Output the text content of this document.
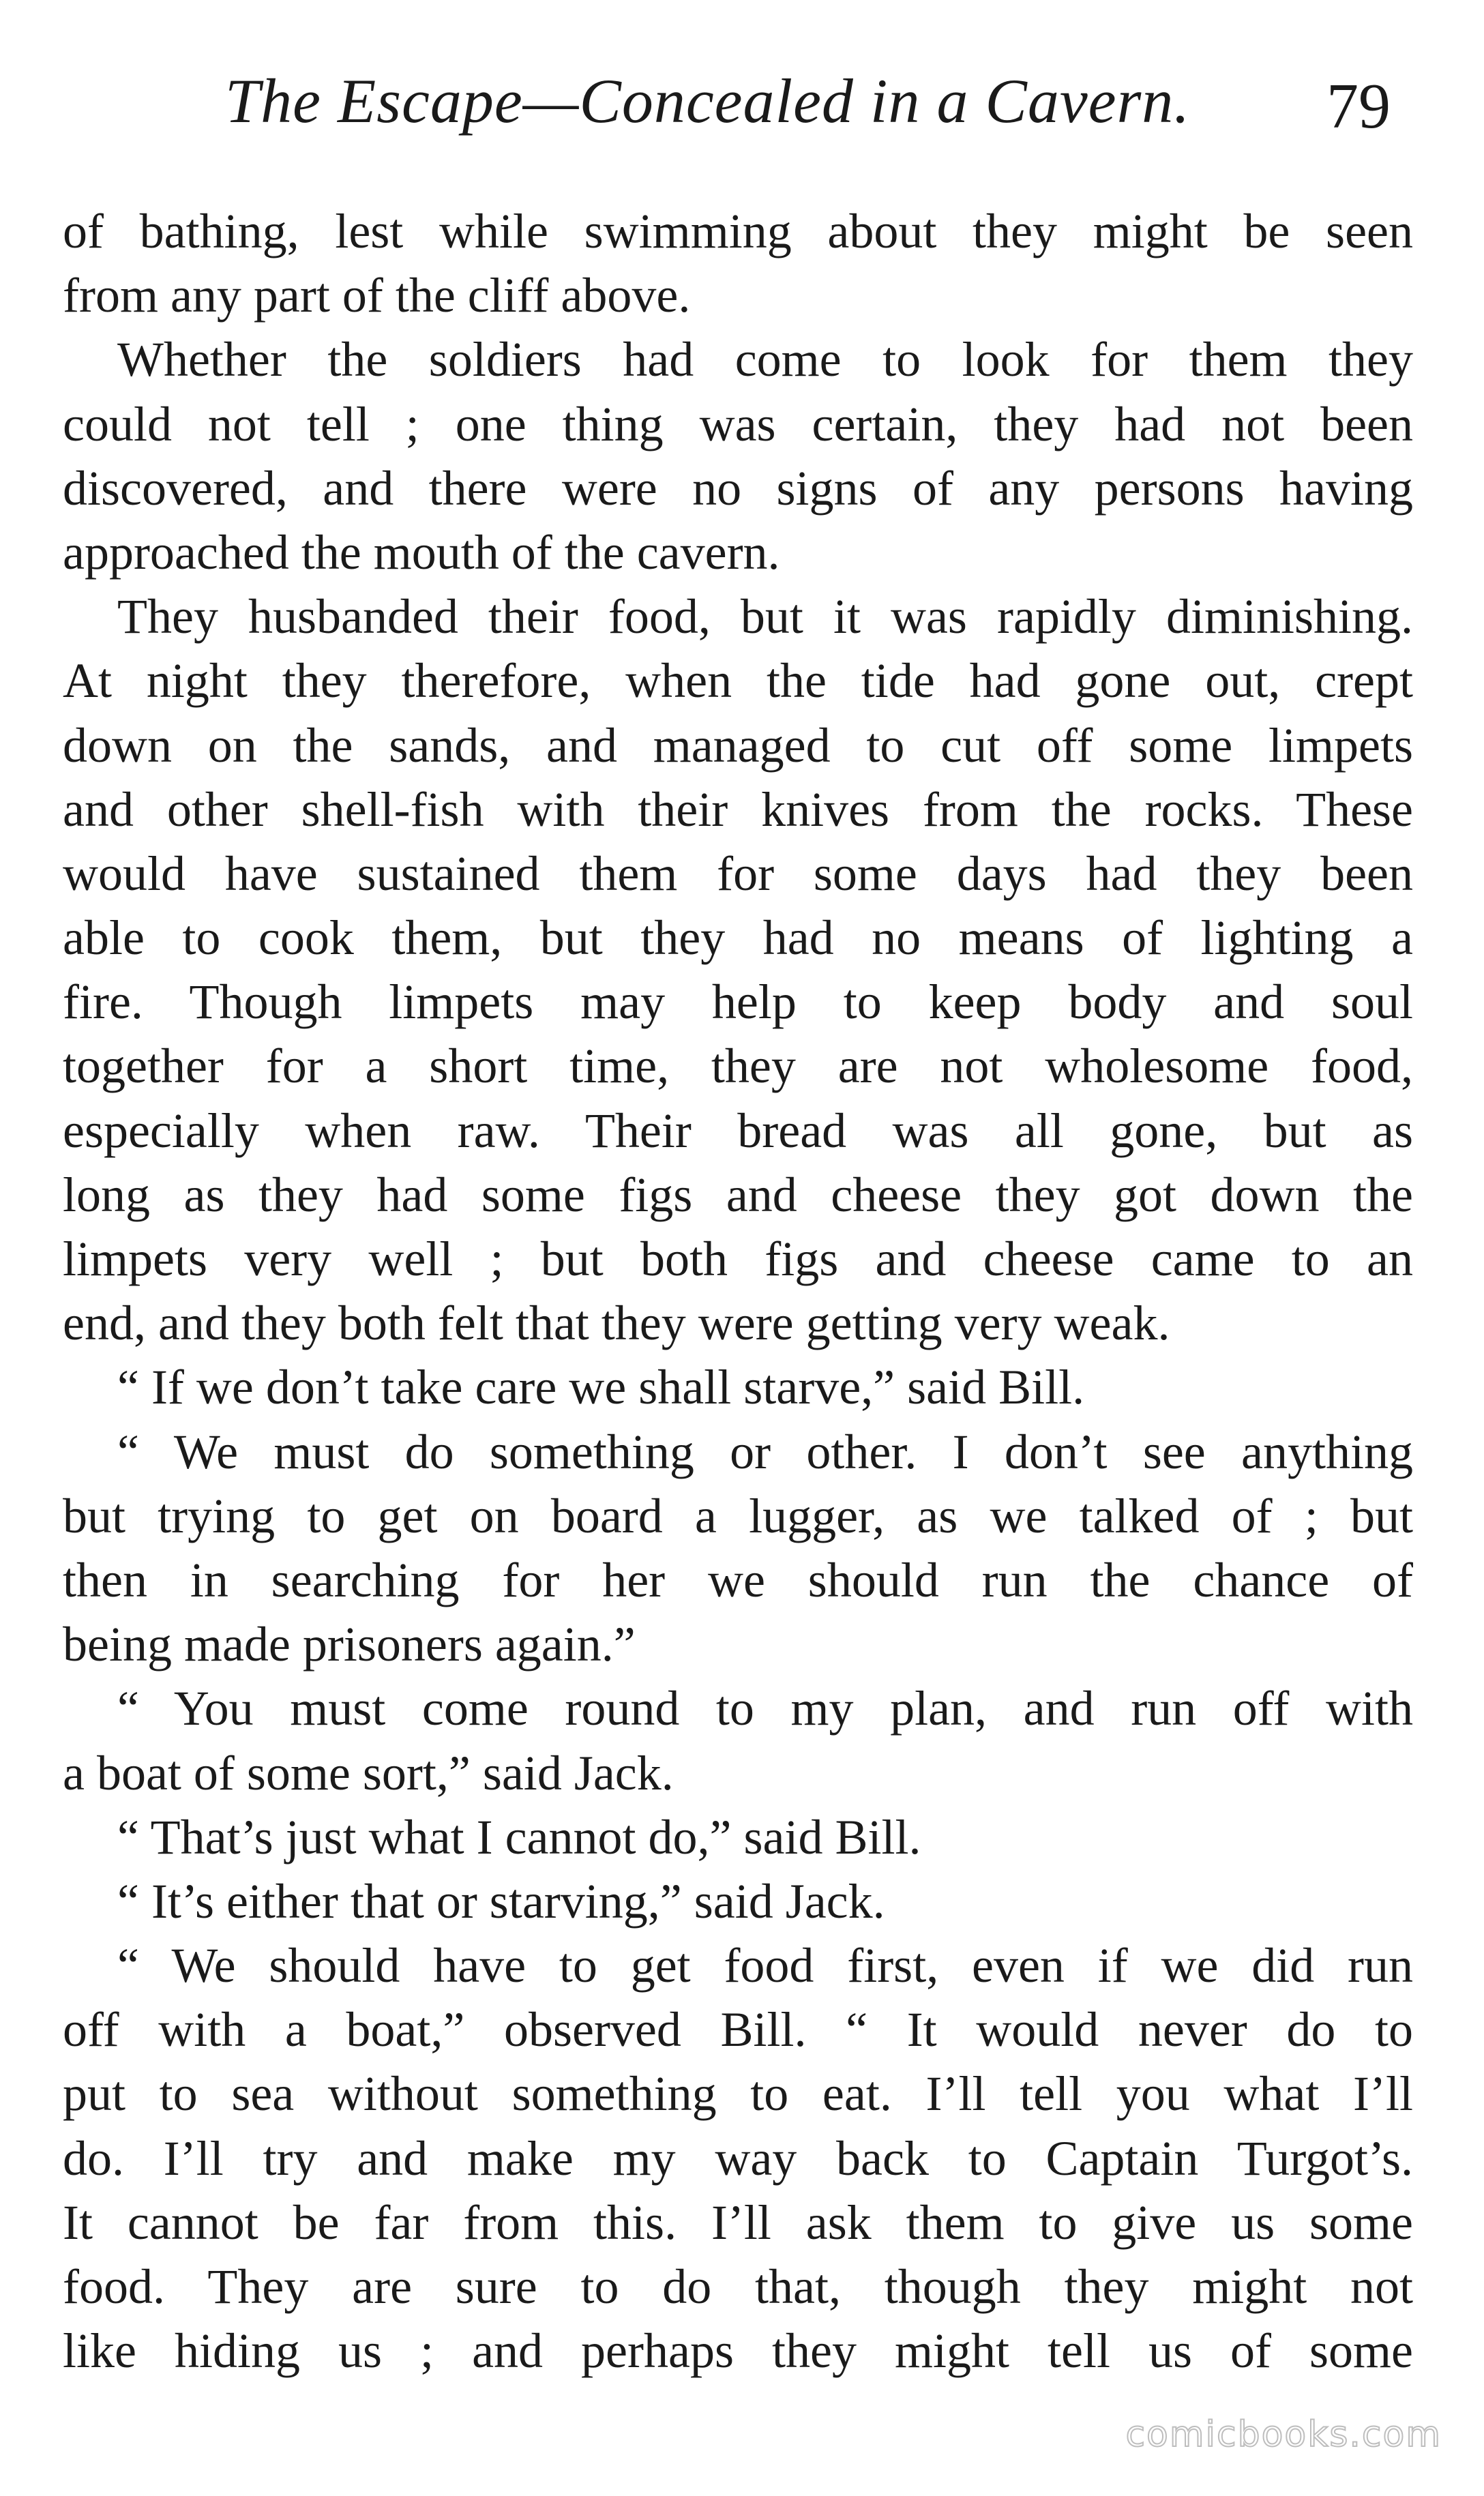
The Escape—Concealed in a Cavern. 79
of bathing, lest while swimming about they might be seen
from any part of the cliff above.
Whether the soldiers had come to look for them they
could not tell ; one thing was certain, they had not been
discovered, and there were no signs of any persons having
approached the mouth of the cavern.
They husbanded their food, but it was rapidly diminishing.
At night they therefore, when the tide had gone out, crept
down on the sands, and managed to cut off some limpets
and other shell-fish with their knives from the rocks. These
would have sustained them for some days had they been
able to cook them, but they had no means of lighting a
fire. Though limpets may help to keep body and soul
together for a short time, they are not wholesome food,
especially when raw. Their bread was all gone, but as
long as they had some figs and cheese they got down the
limpets very well ; but both figs and cheese came to an
end, and they both felt that they were getting very weak.
“ If we don’t take care we shall starve,” said Bill.
“ We must do something or other. I don’t see anything
but trying to get on board a lugger, as we talked of ; but
then in searching for her we should run the chance of
being made prisoners again.”
“ You must come round to my plan, and run off with
a boat of some sort,” said Jack.
“ That’s just what I cannot do,” said Bill.
“ It’s either that or starving,” said Jack.
“ We should have to get food first, even if we did run
off with a boat,” observed Bill. “ It would never do to
put to sea without something to eat. I’ll tell you what I’ll
do. I’ll try and make my way back to Captain Turgot’s.
It cannot be far from this. I’ll ask them to give us some
food. They are sure to do that, though they might not
like hiding us ; and perhaps they might tell us of some
comicbooks.com
